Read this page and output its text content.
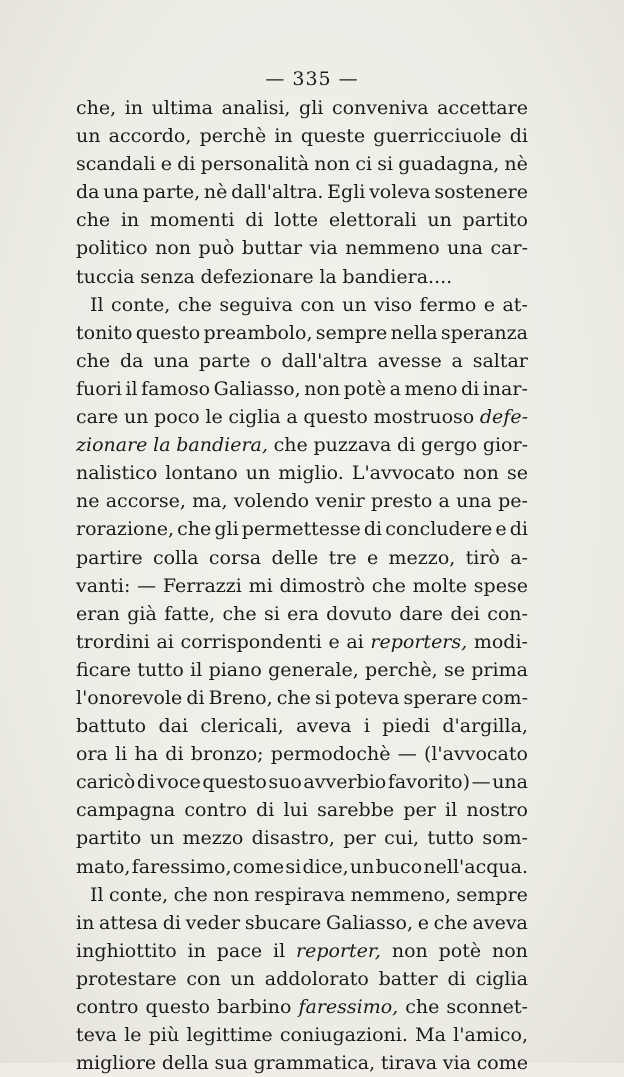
— 335 —
che, in ultima analisi, gli conveniva accettare
un accordo, perchè in queste guerricciuole di
scandali e di personalità non ci si guadagna, nè
da una parte, nè dall'altra. Egli voleva sostenere
che in momenti di lotte elettorali un partito
politico non può buttar via nemmeno una car-
tuccia senza defezionare la bandiera....
Il conte, che seguiva con un viso fermo e at-
tonito questo preambolo, sempre nella speranza
che da una parte o dall'altra avesse a saltar
fuori il famoso Galiasso, non potè a meno di inar-
care un poco le ciglia a questo mostruoso defe-
zionare la bandiera, che puzzava di gergo gior-
nalistico lontano un miglio. L'avvocato non se
ne accorse, ma, volendo venir presto a una pe-
rorazione, che gli permettesse di concludere e di
partire colla corsa delle tre e mezzo, tirò a-
vanti: — Ferrazzi mi dimostrò che molte spese
eran già fatte, che si era dovuto dare dei con-
trordini ai corrispondenti e ai reporters, modi-
ficare tutto il piano generale, perchè, se prima
l'onorevole di Breno, che si poteva sperare com-
battuto dai clericali, aveva i piedi d'argilla,
ora li ha di bronzo; permodochè — (l'avvocato
caricò di voce questo suo avverbio favorito) — una
campagna contro di lui sarebbe per il nostro
partito un mezzo disastro, per cui, tutto som-
mato, faressimo, come si dice, un buco nell'acqua.
Il conte, che non respirava nemmeno, sempre
in attesa di veder sbucare Galiasso, e che aveva
inghiottito in pace il reporter, non potè non
protestare con un addolorato batter di ciglia
contro questo barbino faressimo, che sconnet-
teva le più legittime coniugazioni. Ma l'amico,
migliore della sua grammatica, tirava via come
